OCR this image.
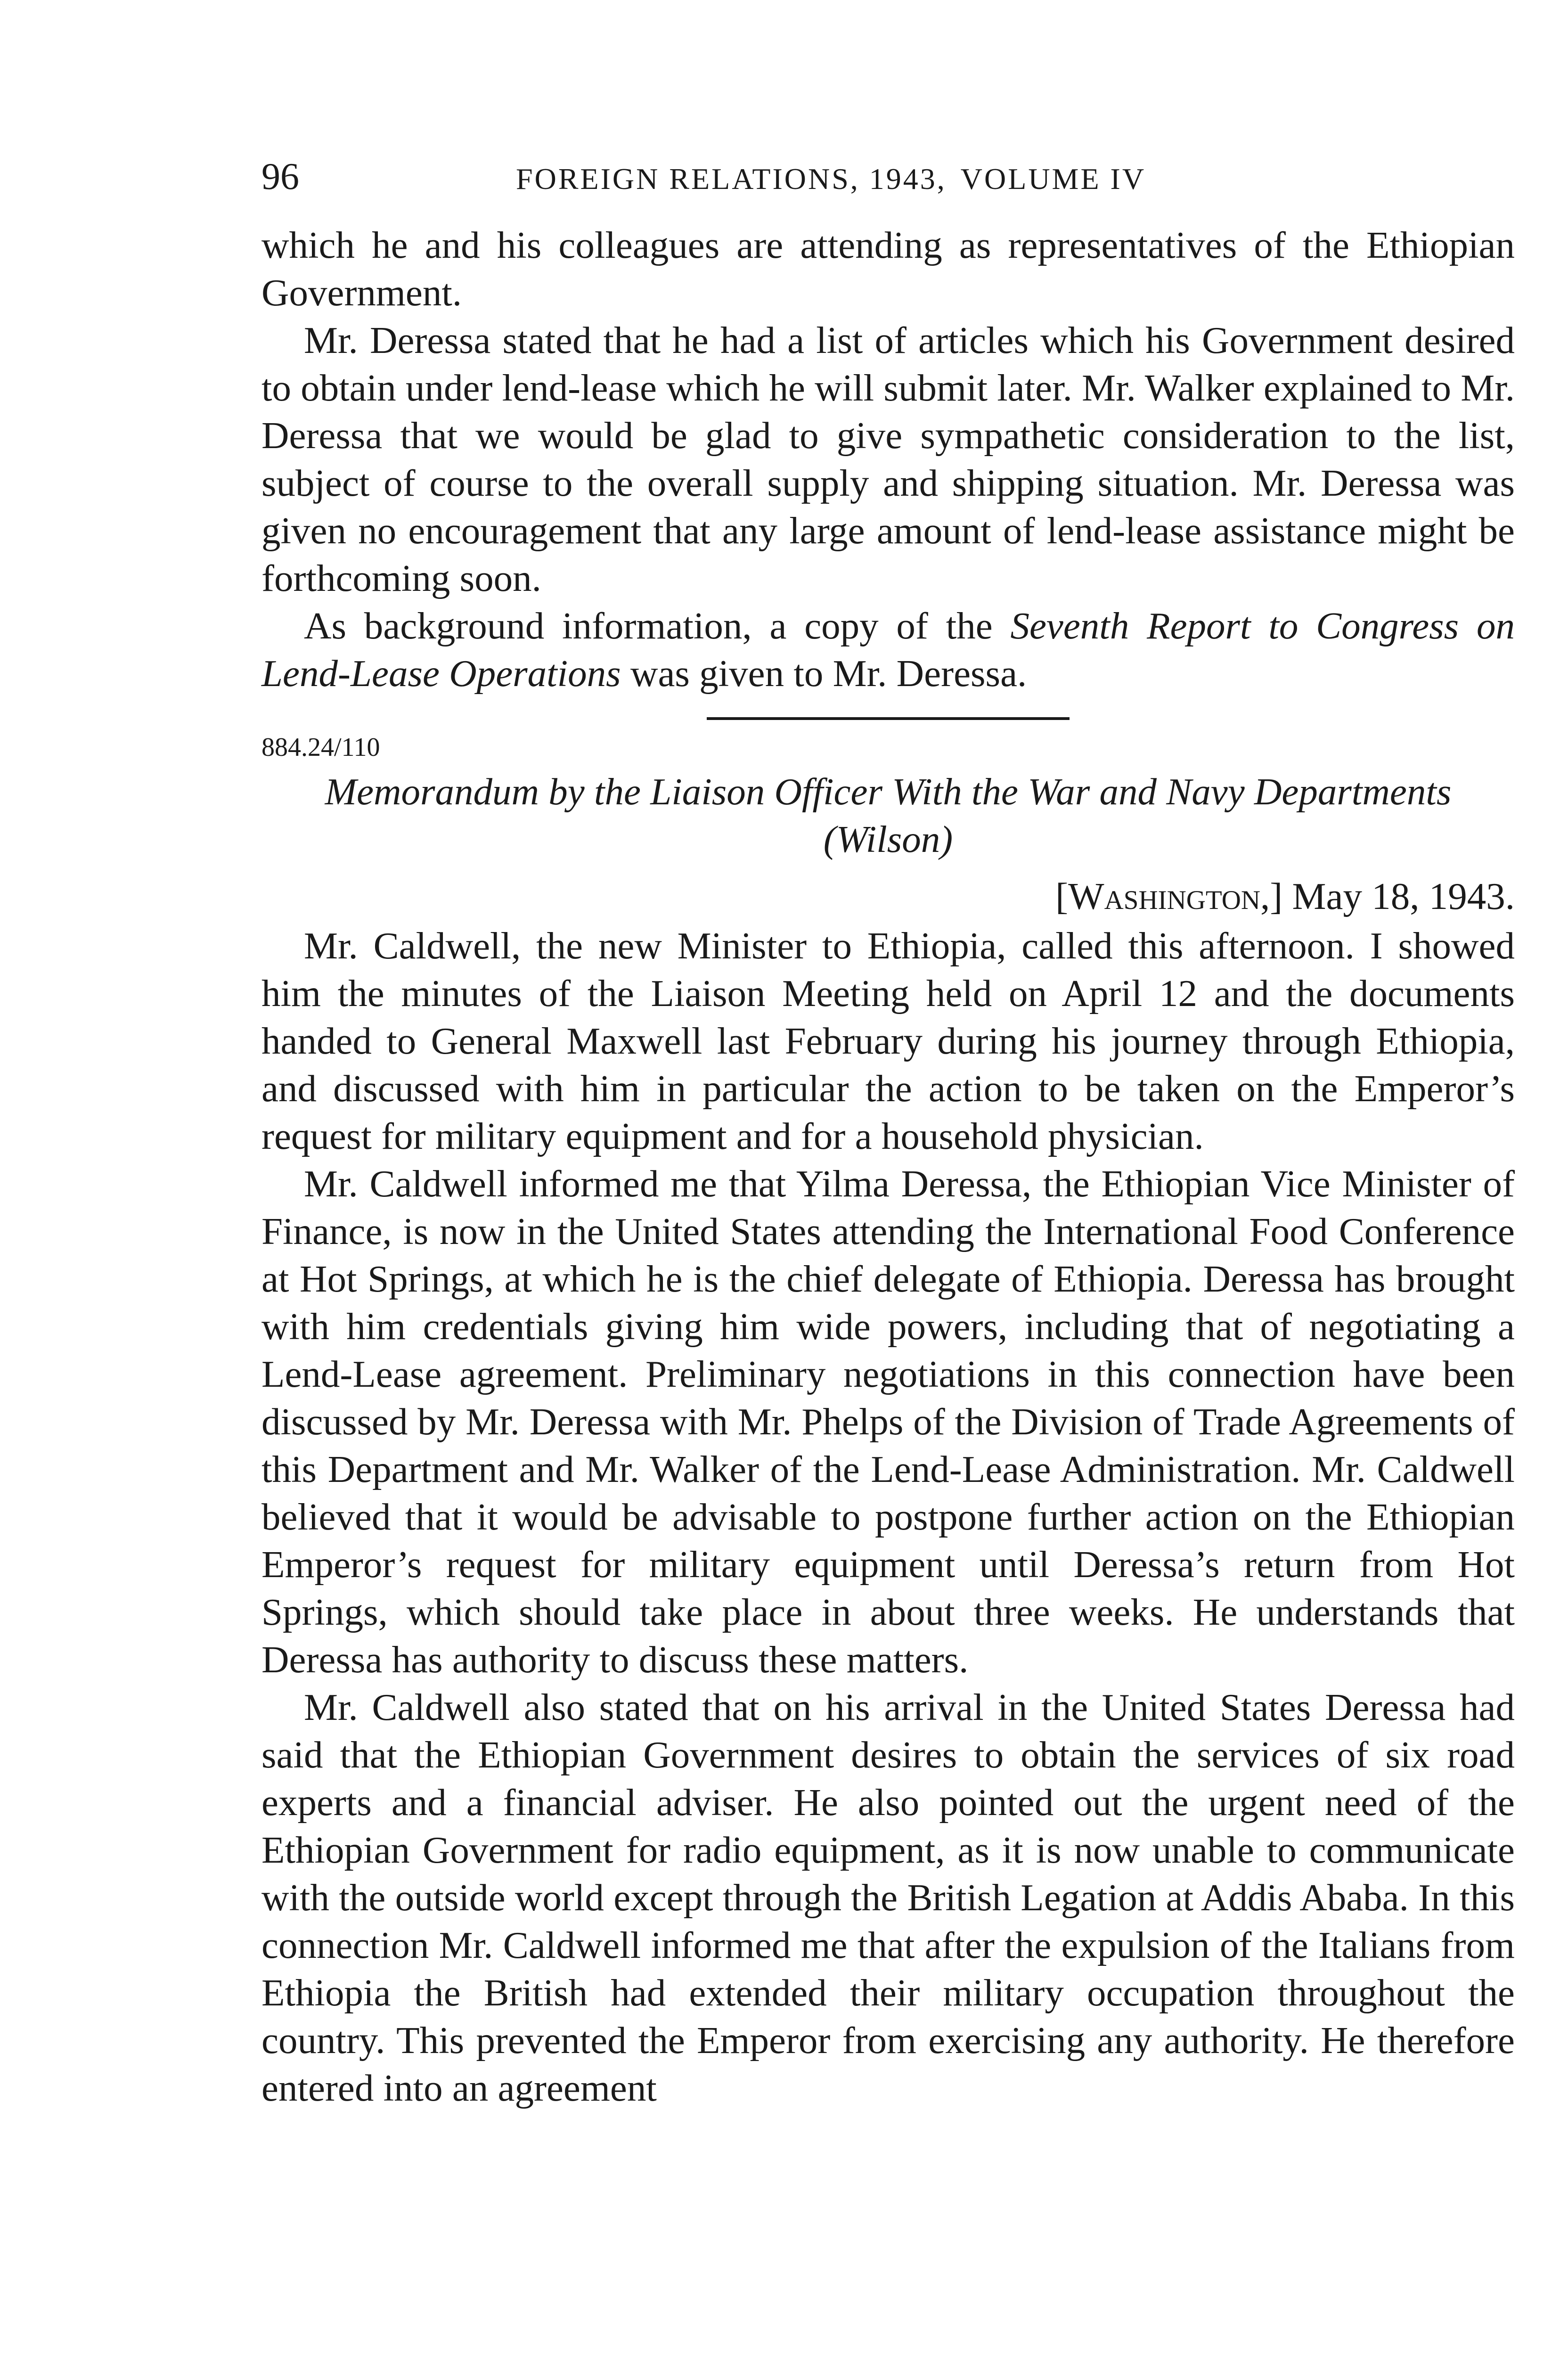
96	FOREIGN RELATIONS, 1943, VOLUME IV

which he and his colleagues are attending as representatives of the Ethiopian Government.

Mr. Deressa stated that he had a list of articles which his Government desired to obtain under lend-lease which he will submit later. Mr. Walker explained to Mr. Deressa that we would be glad to give sympathetic consideration to the list, subject of course to the overall supply and shipping situation. Mr. Deressa was given no encouragement that any large amount of lend-lease assistance might be forthcoming soon.

As background information, a copy of the Seventh Report to Congress on Lend-Lease Operations was given to Mr. Deressa.

884.24/110
Memorandum by the Liaison Officer With the War and Navy Departments (Wilson)
[Washington,] May 18, 1943.

Mr. Caldwell, the new Minister to Ethiopia, called this afternoon. I showed him the minutes of the Liaison Meeting held on April 12 and the documents handed to General Maxwell last February during his journey through Ethiopia, and discussed with him in particular the action to be taken on the Emperor’s request for military equipment and for a household physician.

Mr. Caldwell informed me that Yilma Deressa, the Ethiopian Vice Minister of Finance, is now in the United States attending the International Food Conference at Hot Springs, at which he is the chief delegate of Ethiopia. Deressa has brought with him credentials giving him wide powers, including that of negotiating a Lend-Lease agreement. Preliminary negotiations in this connection have been discussed by Mr. Deressa with Mr. Phelps of the Division of Trade Agreements of this Department and Mr. Walker of the Lend-Lease Administration. Mr. Caldwell believed that it would be advisable to postpone further action on the Ethiopian Emperor’s request for military equipment until Deressa’s return from Hot Springs, which should take place in about three weeks. He understands that Deressa has authority to discuss these matters.

Mr. Caldwell also stated that on his arrival in the United States Deressa had said that the Ethiopian Government desires to obtain the services of six road experts and a financial adviser. He also pointed out the urgent need of the Ethiopian Government for radio equipment, as it is now unable to communicate with the outside world except through the British Legation at Addis Ababa. In this connection Mr. Caldwell informed me that after the expulsion of the Italians from Ethiopia the British had extended their military occupation throughout the country. This prevented the Emperor from exercising any authority. He therefore entered into an agreement
